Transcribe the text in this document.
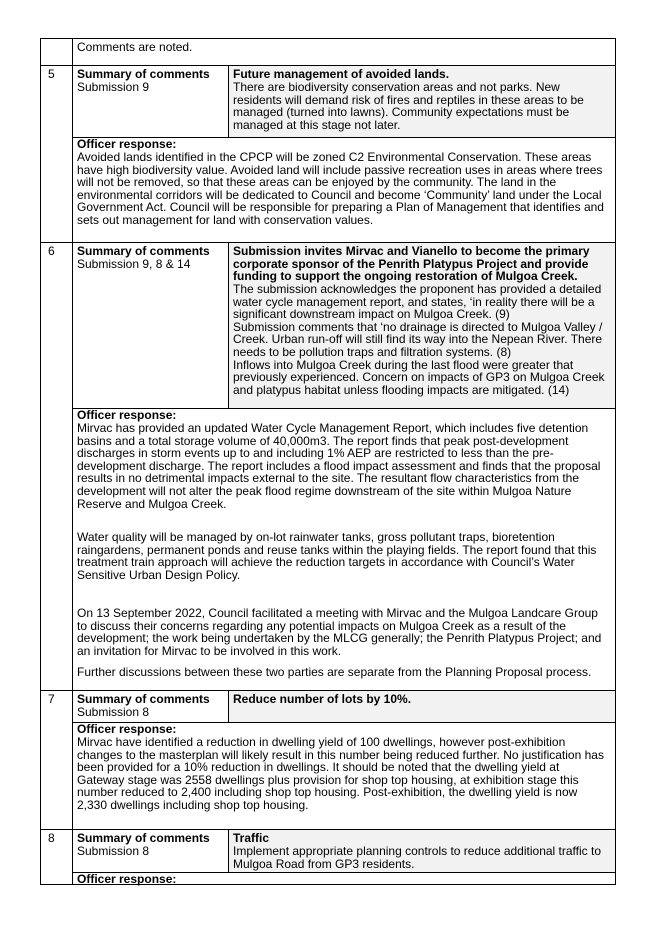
Comments are noted.
5 Summary of comments
Submission 9
Future management of avoided lands.
There are biodiversity conservation areas and not parks. New
residents will demand risk of fires and reptiles in these areas to be
managed (turned into lawns). Community expectations must be
managed at this stage not later.
Officer response:
Avoided lands identified in the CPCP will be zoned C2 Environmental Conservation. These areas
have high biodiversity value. Avoided land will include passive recreation uses in areas where trees
will not be removed, so that these areas can be enjoyed by the community. The land in the
environmental corridors will be dedicated to Council and become ‘Community’ land under the Local
Government Act. Council will be responsible for preparing a Plan of Management that identifies and
sets out management for land with conservation values.
6 Summary of comments
Submission 9, 8 & 14
Submission invites Mirvac and Vianello to become the primary
corporate sponsor of the Penrith Platypus Project and provide
funding to support the ongoing restoration of Mulgoa Creek.
The submission acknowledges the proponent has provided a detailed
water cycle management report, and states, ‘in reality there will be a
significant downstream impact on Mulgoa Creek. (9)
Submission comments that ‘no drainage is directed to Mulgoa Valley /
Creek. Urban run-off will still find its way into the Nepean River. There
needs to be pollution traps and filtration systems. (8)
Inflows into Mulgoa Creek during the last flood were greater that
previously experienced. Concern on impacts of GP3 on Mulgoa Creek
and platypus habitat unless flooding impacts are mitigated. (14)
Officer response:
Mirvac has provided an updated Water Cycle Management Report, which includes five detention
basins and a total storage volume of 40,000m3. The report finds that peak post-development
discharges in storm events up to and including 1% AEP are restricted to less than the pre-
development discharge. The report includes a flood impact assessment and finds that the proposal
results in no detrimental impacts external to the site. The resultant flow characteristics from the
development will not alter the peak flood regime downstream of the site within Mulgoa Nature
Reserve and Mulgoa Creek.
Water quality will be managed by on-lot rainwater tanks, gross pollutant traps, bioretention
raingardens, permanent ponds and reuse tanks within the playing fields. The report found that this
treatment train approach will achieve the reduction targets in accordance with Council’s Water
Sensitive Urban Design Policy.
On 13 September 2022, Council facilitated a meeting with Mirvac and the Mulgoa Landcare Group
to discuss their concerns regarding any potential impacts on Mulgoa Creek as a result of the
development; the work being undertaken by the MLCG generally; the Penrith Platypus Project; and
an invitation for Mirvac to be involved in this work.
Further discussions between these two parties are separate from the Planning Proposal process.
7 Summary of comments
Submission 8
Reduce number of lots by 10%.
Officer response:
Mirvac have identified a reduction in dwelling yield of 100 dwellings, however post-exhibition
changes to the masterplan will likely result in this number being reduced further. No justification has
been provided for a 10% reduction in dwellings. It should be noted that the dwelling yield at
Gateway stage was 2558 dwellings plus provision for shop top housing, at exhibition stage this
number reduced to 2,400 including shop top housing. Post-exhibition, the dwelling yield is now
2,330 dwellings including shop top housing.
8 Summary of comments
Submission 8
Traffic
Implement appropriate planning controls to reduce additional traffic to
Mulgoa Road from GP3 residents.
Officer response:
